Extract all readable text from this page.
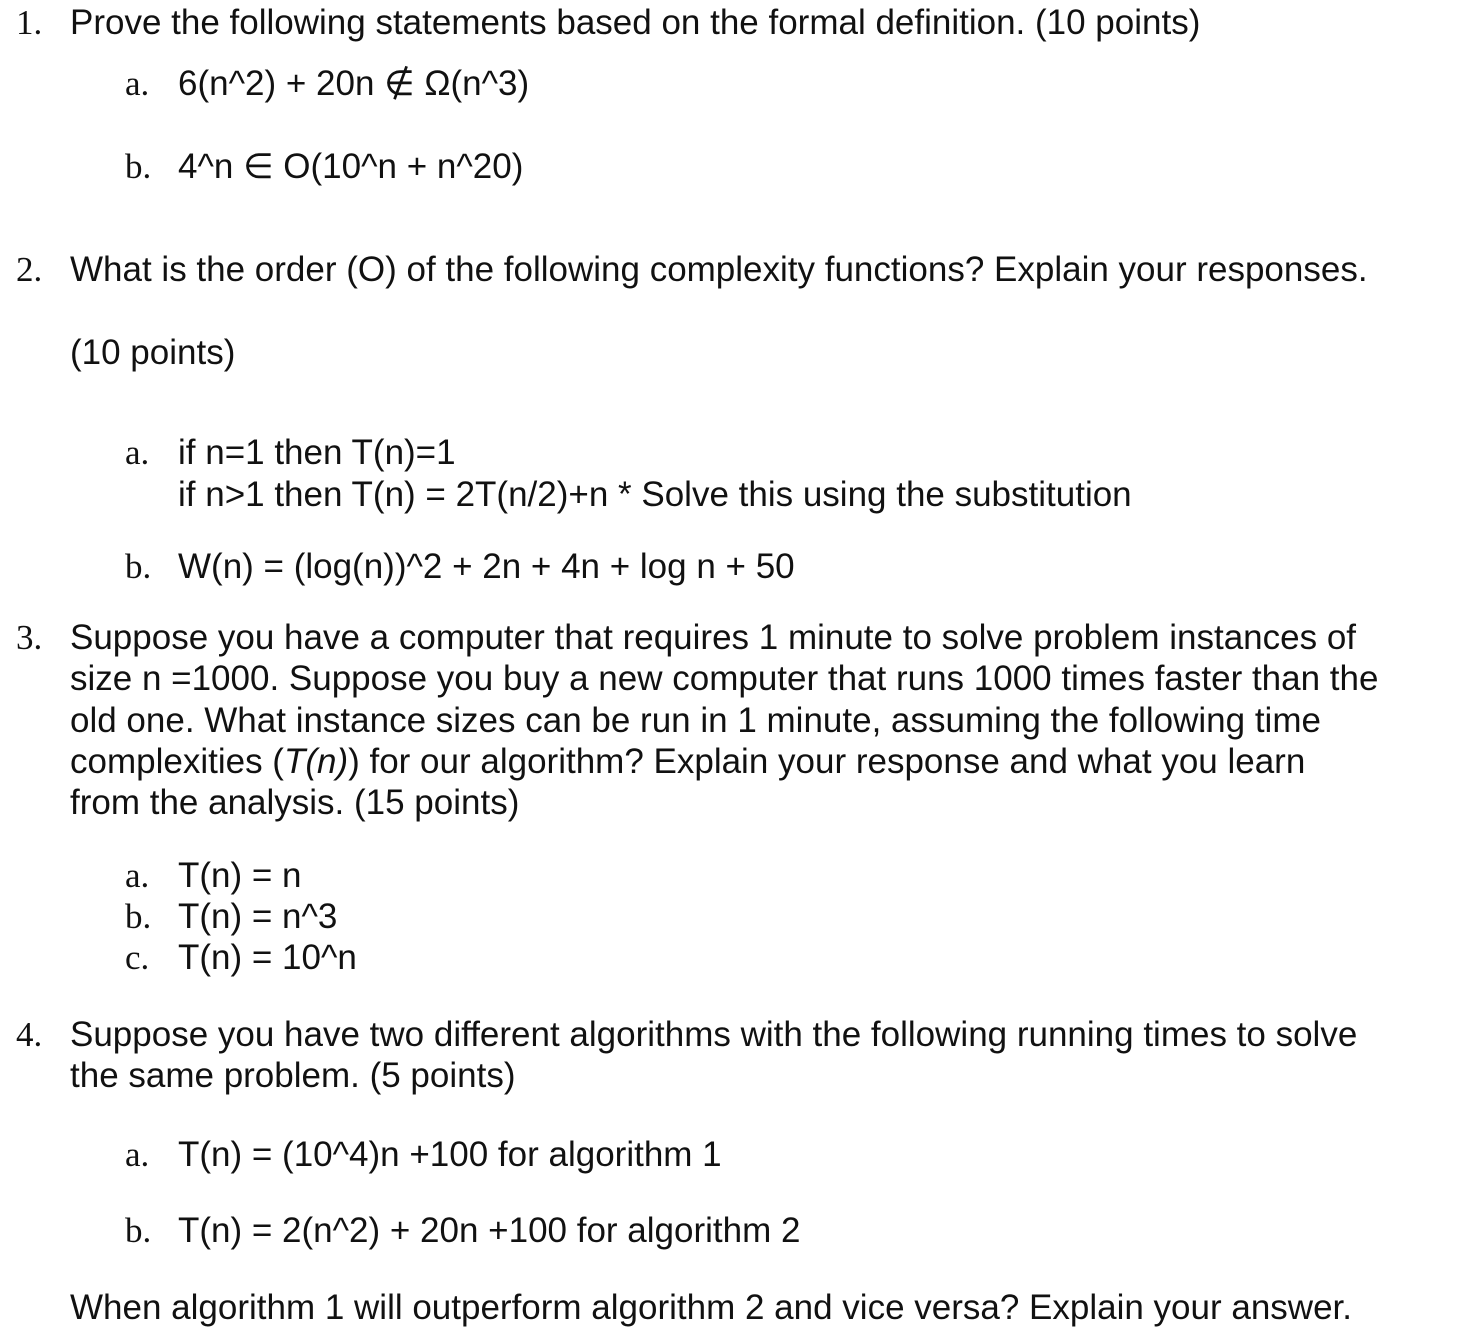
1. Prove the following statements based on the formal definition. (10 points)
a. 6(n^2) + 20n ∉ Ω(n^3)
b. 4^n ∈ O(10^n + n^20)
2. What is the order (O) of the following complexity functions? Explain your responses.
(10 points)
a. if n=1 then T(n)=1
if n>1 then T(n) = 2T(n/2)+n * Solve this using the substitution
b. W(n) = (log(n))^2 + 2n + 4n + log n + 50
3. Suppose you have a computer that requires 1 minute to solve problem instances of
size n =1000. Suppose you buy a new computer that runs 1000 times faster than the
old one. What instance sizes can be run in 1 minute, assuming the following time
complexities (T(n)) for our algorithm? Explain your response and what you learn
from the analysis. (15 points)
a. T(n) = n
b. T(n) = n^3
c. T(n) = 10^n
4. Suppose you have two different algorithms with the following running times to solve
the same problem. (5 points)
a. T(n) = (10^4)n +100 for algorithm 1
b. T(n) = 2(n^2) + 20n +100 for algorithm 2
When algorithm 1 will outperform algorithm 2 and vice versa? Explain your answer.
